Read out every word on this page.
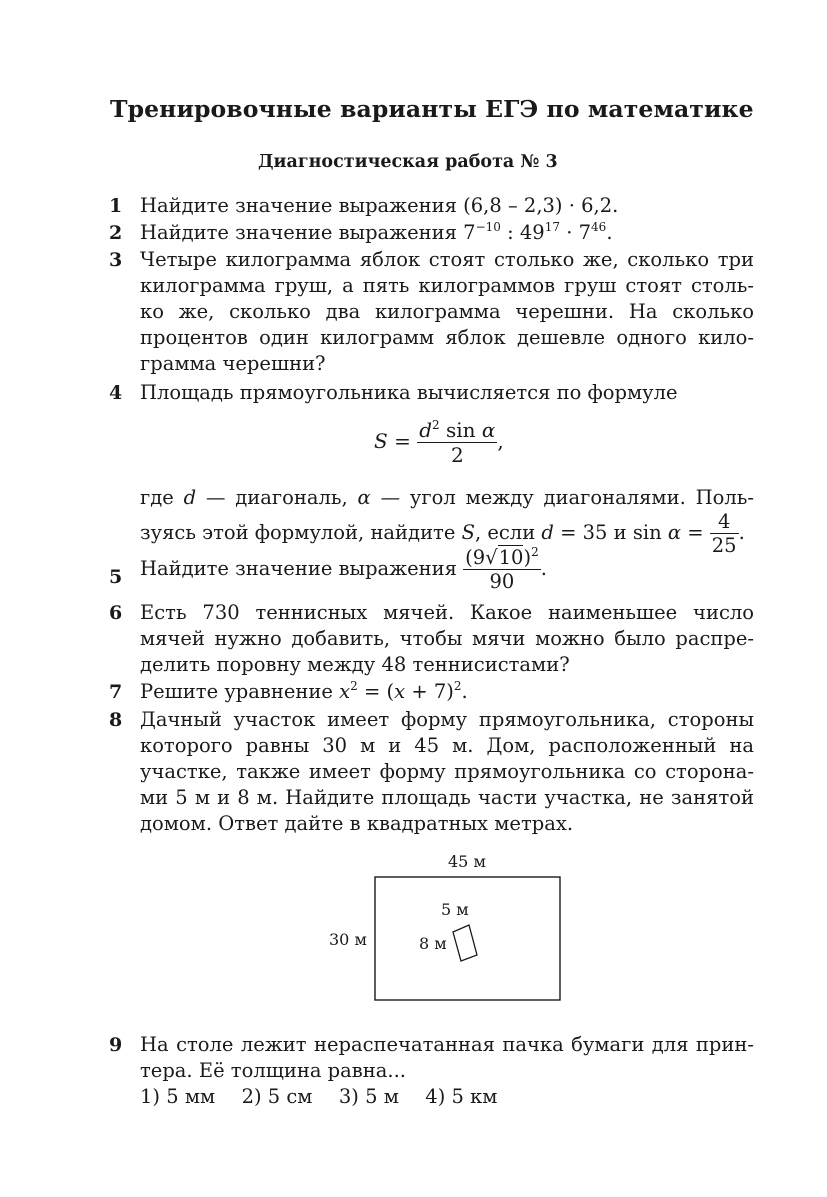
Тренировочные варианты ЕГЭ по математике
Диагностическая работа № 3
1 Найдите значение выражения (6,8 – 2,3) · 6,2.
2 Найдите значение выражения $7^{-10}$ : $49^{17} \cdot 7^{46}$.
3 Четыре килограмма яблок стоят столько же, сколько три
килограмма груш, а пять килограммов груш стоят столь-
ко же, сколько два килограмма черешни. На сколько
процентов один килограмм яблок дешевле одного кило-
грамма черешни?
4 Площадь прямоугольника вычисляется по формуле
$S = \frac{d^2 \sin \alpha}{2}$ ,
где d — диагональ, α — угол между диагоналями. Поль-
зуясь этой формулой, найдите S, если d = 35 и $\sin \alpha = \frac{4}{25}$ .
5 Найдите значение выражения $\frac{(9√10)^2}{90}$ .
6 Есть 730 теннисных мячей. Какое наименьшее число
мячей нужно добавить, чтобы мячи можно было распре-
делить поровну между 48 теннисистами?
7 Решите уравнение $x^2 = (x + 7)^2$.
8 Дачный участок имеет форму прямоугольника, стороны
которого равны 30 м и 45 м. Дом, расположенный на
участке, также имеет форму прямоугольника со сторона-
ми 5 м и 8 м. Найдите площадь части участка, не занятой
домом. Ответ дайте в квадратных метрах.
45 м
30 м
5 м
8 м
9 На столе лежит нераспечатанная пачка бумаги для прин-
тера. Её толщина равна...
1) 5 мм 2) 5 см 3) 5 м 4) 5 км
